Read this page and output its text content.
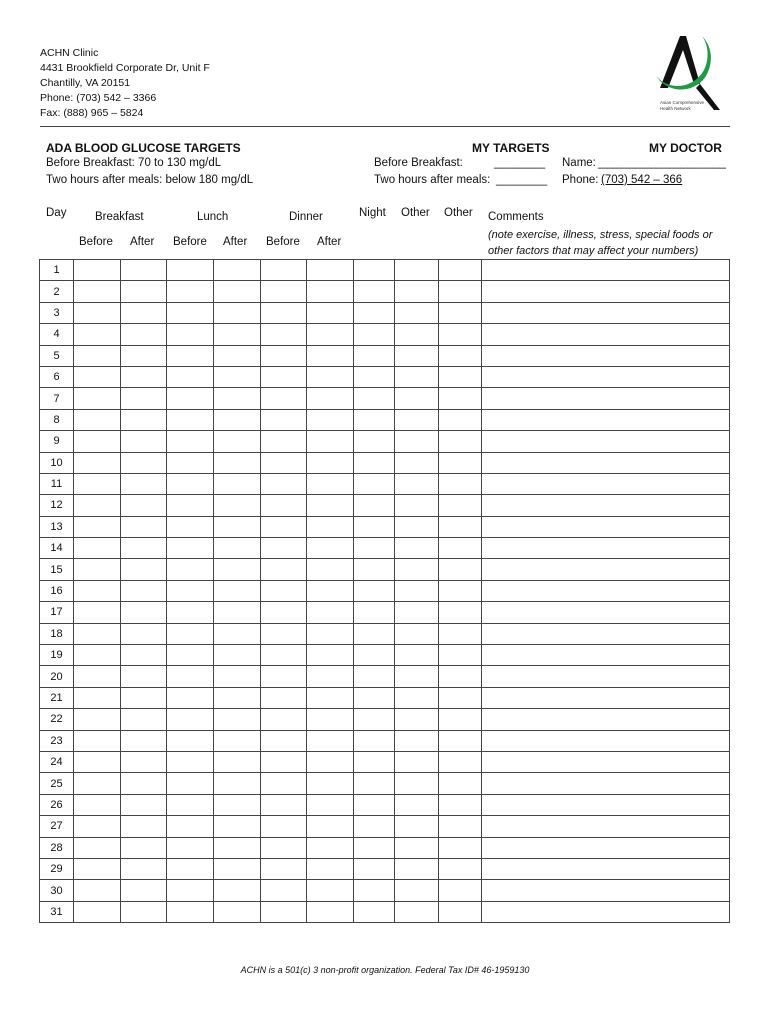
ACHN Clinic
4431 Brookfield Corporate Dr, Unit F
Chantilly, VA 20151
Phone: (703) 542 – 3366
Fax: (888) 965 – 5824
Asian Comprehensive
Health Network
ADA BLOOD GLUCOSE TARGETS
Before Breakfast: 70 to 130 mg/dL
Two hours after meals: below 180 mg/dL
MY TARGETS
Before Breakfast:	________
Two hours after meals: ________
MY DOCTOR
Name: ____________________
Phone: (703) 542 – 366
Day Breakfast	Lunch	Dinner	Night Other Other Comments
(note exercise, illness, stress, special foods or
other factors that may affect your numbers)
Before After Before After Before After
1										
2										
3										
4										
5										
6										
7										
8										
9										
10										
11										
12										
13										
14										
15										
16										
17										
18										
19										
20										
21										
22										
23										
24										
25										
26										
27										
28										
29										
30										
31										
ACHN is a 501(c) 3 non-profit organization. Federal Tax ID# 46-1959130
